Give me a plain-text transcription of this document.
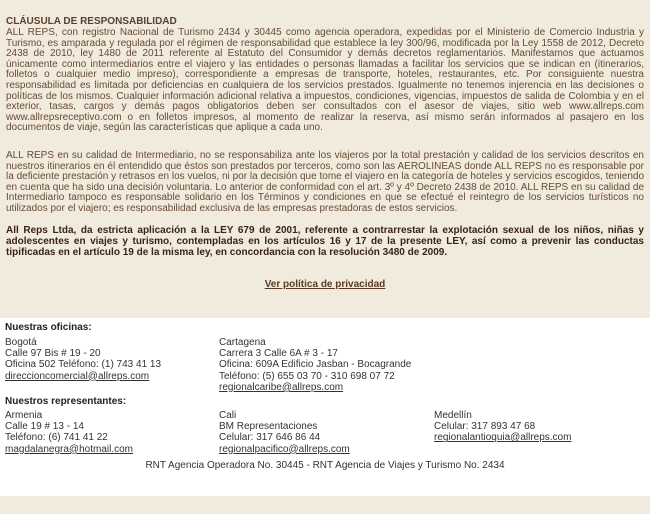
CLÁUSULA DE RESPONSABILIDAD

ALL REPS, con registro Nacional de Turismo 2434 y 30445 como agencia operadora, expedidas por el Ministerio de Comercio Industria y Turismo, es amparada y regulada por el régimen de responsabilidad que establece la ley 300/96, modificada por la Ley 1558 de 2012, Decreto 2438 de 2010, ley 1480 de 2011 referente al Estatuto del Consumidor y demás decretos reglamentarios. Manifestamos que actuamos únicamente como intermediarios entre el viajero y las entidades o personas llamadas a facilitar los servicios que se indican en (itinerarios, folletos o cualquier medio impreso), correspondiente a empresas de transporte, hoteles, restaurantes, etc. Por consiguiente nuestra responsabilidad es limitada por deficiencias en cualquiera de los servicios prestados. Igualmente no tenemos injerencia en las decisiones o políticas de los mismos. Cualquier información adicional relativa a impuestos, condiciones, vigencias, impuestos de salida de Colombia y en el exterior, tasas, cargos y demás pagos obligatorios deben ser consultados con el asesor de viajes, sitio web www.allreps.com www.allrepsreceptivo.com o en folletos impresos, al momento de realizar la reserva, así mismo serán informados al pasajero en los documentos de viaje, según las características que aplique a cada uno.

ALL REPS en su calidad de Intermediario, no se responsabiliza ante los viajeros por la total prestación y calidad de los servicios descritos en nuestros itinerarios en él entendido que éstos son prestados por terceros, como son las AEROLINEAS donde ALL REPS no es responsable por la deficiente prestación y retrasos en los vuelos, ni por la decisión que tome el viajero en la categoría de hoteles y servicios escogidos, teniendo en cuenta que ha sido una decisión voluntaria. Lo anterior de conformidad con el art. 3º y 4º Decreto 2438 de 2010. ALL REPS en su calidad de Intermediario tampoco es responsable solidario en los Términos y condiciones en que se efectué el reintegro de los servicios turísticos no utilizados por el viajero; es responsabilidad exclusiva de las empresas prestadoras de estos servicios.

All Reps Ltda, da estricta aplicación a la LEY 679 de 2001, referente a contrarrestar la explotación sexual de los niños, niñas y adolescentes en viajes y turismo, contempladas en los artículos 16 y 17 de la presente LEY, así como a prevenir las conductas tipificadas en el artículo 19 de la misma ley, en concordancia con la resolución 3480 de 2009.

Ver política de privacidad
Nuestras oficinas:
Bogotá
Calle 97 Bis # 19 - 20
Oficina 502 Teléfono: (1) 743 41 13
direccioncomercial@allreps.com
Cartagena
Carrera 3 Calle 6A # 3 - 17
Oficina: 609A Edificio Jasban - Bocagrande
Teléfono: (5) 655 03 70 - 310 698 07 72
regionalcaribe@allreps.com
Nuestros representantes:
Armenia
Calle 19 # 13 - 14
Teléfono: (6) 741 41 22
magdalanegra@hotmail.com
Cali
BM Representaciones
Celular: 317 646 86 44
regionalpacifico@allreps.com
Medellín
Celular: 317 893 47 68
regionalantioquia@allreps.com
RNT Agencia Operadora No. 30445 - RNT Agencia de Viajes y Turismo No. 2434
